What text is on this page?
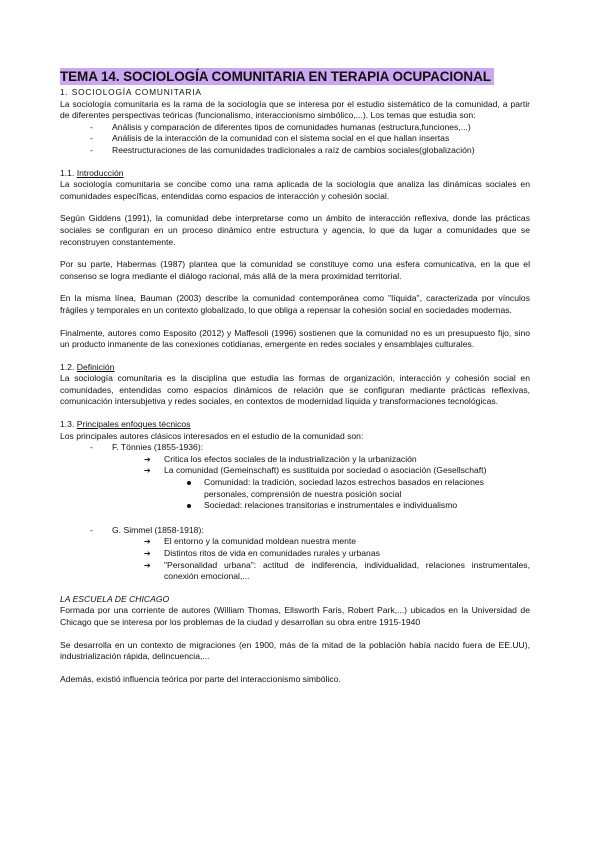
TEMA 14. SOCIOLOGÍA COMUNITARIA EN TERAPIA OCUPACIONAL
1. SOCIOLOGÍA COMUNITARIA

La sociología comunitaria es la rama de la sociología que se interesa por el estudio sistemático de la comunidad, a partir de diferentes perspectivas teóricas (funcionalismo, interaccionismo simbólico,...). Los temas que estudia son:

- Análisis y comparación de diferentes tipos de comunidades humanas (estructura,funciones,...)
- Análisis de la interacción de la comunidad con el sistema social en el que hallan insertas
- Reestructuraciones de las comunidades tradicionales a raíz de cambios sociales(globalización)
1.1. Introducción

La sociología comunitaria se concibe como una rama aplicada de la sociología que analiza las dinámicas sociales en comunidades específicas, entendidas como espacios de interacción y cohesión social.

Según Giddens (1991), la comunidad debe interpretarse como un ámbito de interacción reflexiva, donde las prácticas sociales se configuran en un proceso dinámico entre estructura y agencia, lo que da lugar a comunidades que se reconstruyen constantemente.

Por su parte, Habermas (1987) plantea que la comunidad se constituye como una esfera comunicativa, en la que el consenso se logra mediante el diálogo racional, más allá de la mera proximidad territorial.

En la misma línea, Bauman (2003) describe la comunidad contemporánea como "líquida", caracterizada por vínculos frágiles y temporales en un contexto globalizado, lo que obliga a repensar la cohesión social en sociedades modernas.

Finalmente, autores como Esposito (2012) y Maffesoli (1996) sostienen que la comunidad no es un presupuesto fijo, sino un producto inmanente de las conexiones cotidianas, emergente en redes sociales y ensamblajes culturales.

1.2. Definición

La sociología comunitaria es la disciplina que estudia las formas de organización, interacción y cohesión social en comunidades, entendidas como espacios dinámicos de relación que se configuran mediante prácticas reflexivas, comunicación intersubjetiva y redes sociales, en contextos de modernidad líquida y transformaciones tecnológicas.

1.3. Principales enfoques técnicos

Los principales autores clásicos interesados en el estudio de la comunidad son:

- F. Tönnies (1855-1936):
➔ Critica los efectos sociales de la industrialización y la urbanización
➔ La comunidad (Gemeinschaft) es sustituida por sociedad o asociación (Gesellschaft)
Comunidad: la tradición, sociedad lazos estrechos basados en relaciones personales, comprensión de nuestra posición social
Sociedad: relaciones transitorias e instrumentales e individualismo
- G. Simmel (1858-1918):
➔ El entorno y la comunidad moldean nuestra mente
➔ Distintos ritos de vida en comunidades rurales y urbanas
➔ "Personalidad urbana": actitud de indiferencia, individualidad, relaciones instrumentales, conexión emocional,...
LA ESCUELA DE CHICAGO

Formada por una corriente de autores (William Thomas, Ellsworth Faris, Robert Park,...) ubicados en la Universidad de Chicago que se interesa por los problemas de la ciudad y desarrollan su obra entre 1915-1940

Se desarrolla en un contexto de migraciones (en 1900, más de la mitad de la población había nacido fuera de EE.UU), industrialización rápida, delincuencia,...

Además, existió influencia teórica por parte del interaccionismo simbólico.
